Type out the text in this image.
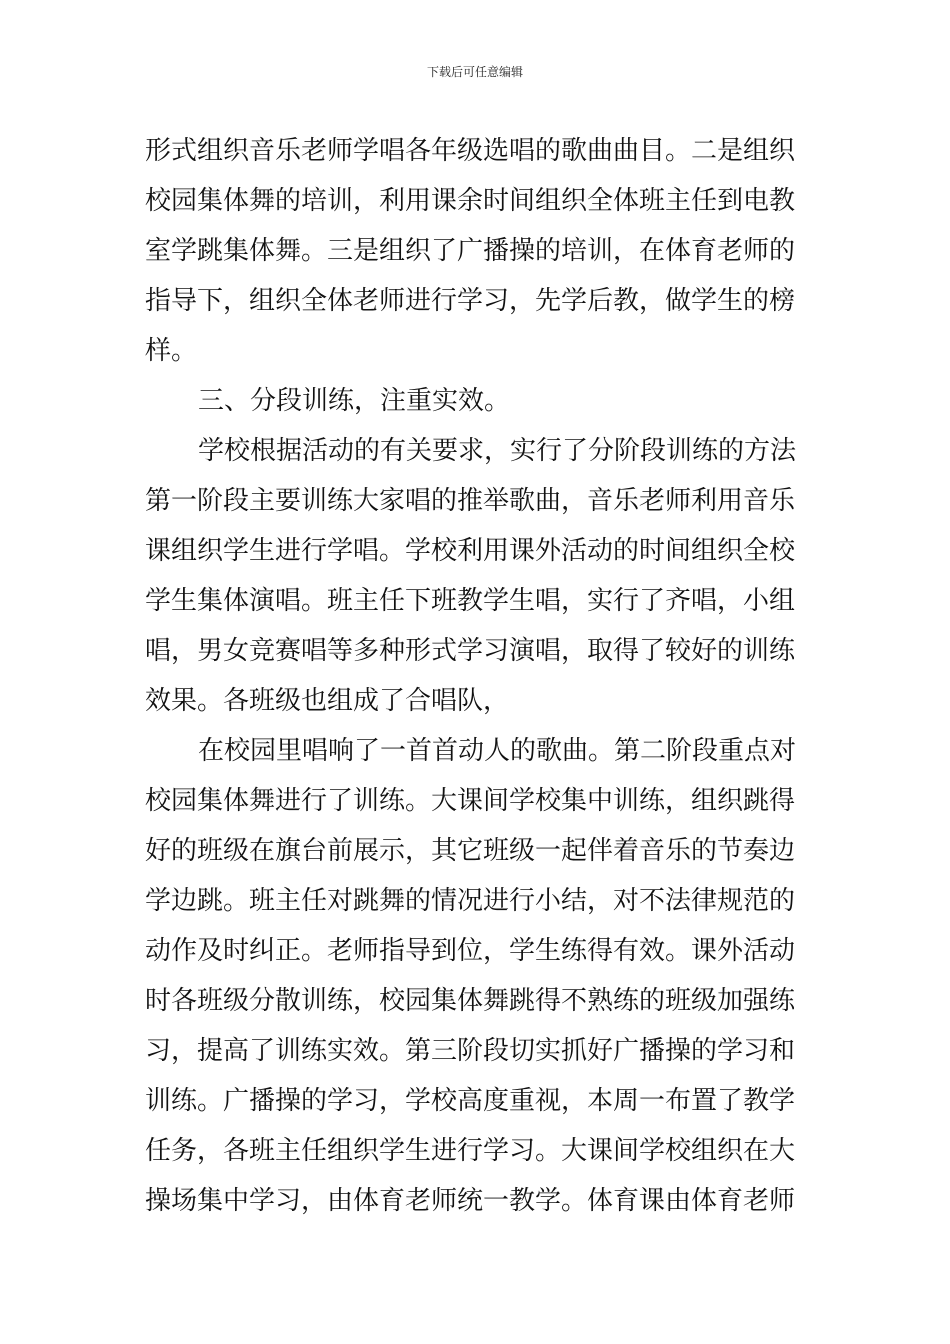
下载后可任意编辑
形式组织音乐老师学唱各年级选唱的歌曲曲目。二是组织
校园集体舞的培训，利用课余时间组织全体班主任到电教
室学跳集体舞。三是组织了广播操的培训，在体育老师的
指导下，组织全体老师进行学习，先学后教，做学生的榜
样。
三、分段训练，注重实效。
学校根据活动的有关要求，实行了分阶段训练的方法
第一阶段主要训练大家唱的推举歌曲，音乐老师利用音乐
课组织学生进行学唱。学校利用课外活动的时间组织全校
学生集体演唱。班主任下班教学生唱，实行了齐唱，小组
唱，男女竞赛唱等多种形式学习演唱，取得了较好的训练
效果。各班级也组成了合唱队，
在校园里唱响了一首首动人的歌曲。第二阶段重点对
校园集体舞进行了训练。大课间学校集中训练，组织跳得
好的班级在旗台前展示，其它班级一起伴着音乐的节奏边
学边跳。班主任对跳舞的情况进行小结，对不法律规范的
动作及时纠正。老师指导到位，学生练得有效。课外活动
时各班级分散训练，校园集体舞跳得不熟练的班级加强练
习，提高了训练实效。第三阶段切实抓好广播操的学习和
训练。广播操的学习，学校高度重视，本周一布置了教学
任务，各班主任组织学生进行学习。大课间学校组织在大
操场集中学习，由体育老师统一教学。体育课由体育老师
